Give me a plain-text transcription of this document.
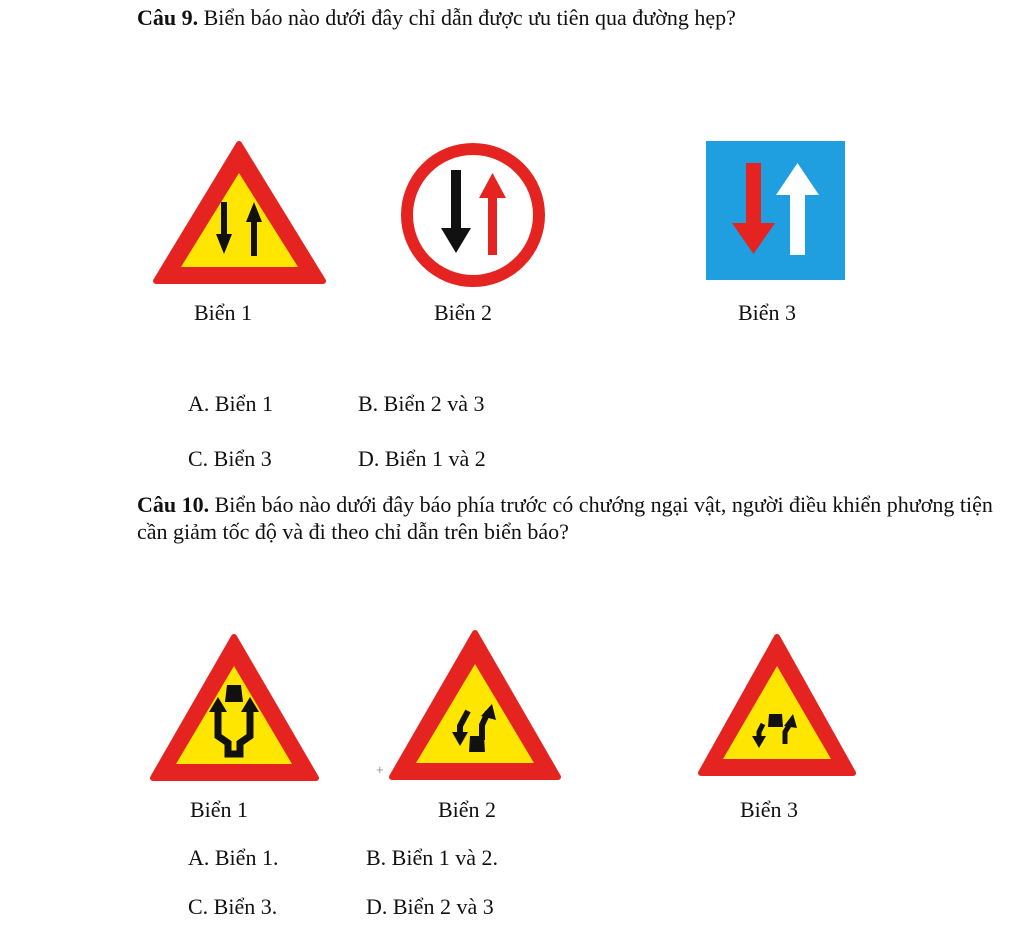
Câu 9. Biển báo nào dưới đây chỉ dẫn được ưu tiên qua đường hẹp?
Biển 1	Biển 2	Biển 3
A. Biển 1	B. Biển 2 và 3
C. Biển 3	D. Biển 1 và 2
Câu 10. Biển báo nào dưới đây báo phía trước có chướng ngại vật, người điều khiển phương tiện cần giảm tốc độ và đi theo chỉ dẫn trên biển báo?
Biển 1	Biển 2
+
Biển 3
A. Biển 1.	B. Biển 1 và 2.
C. Biển 3.	D. Biển 2 và 3
